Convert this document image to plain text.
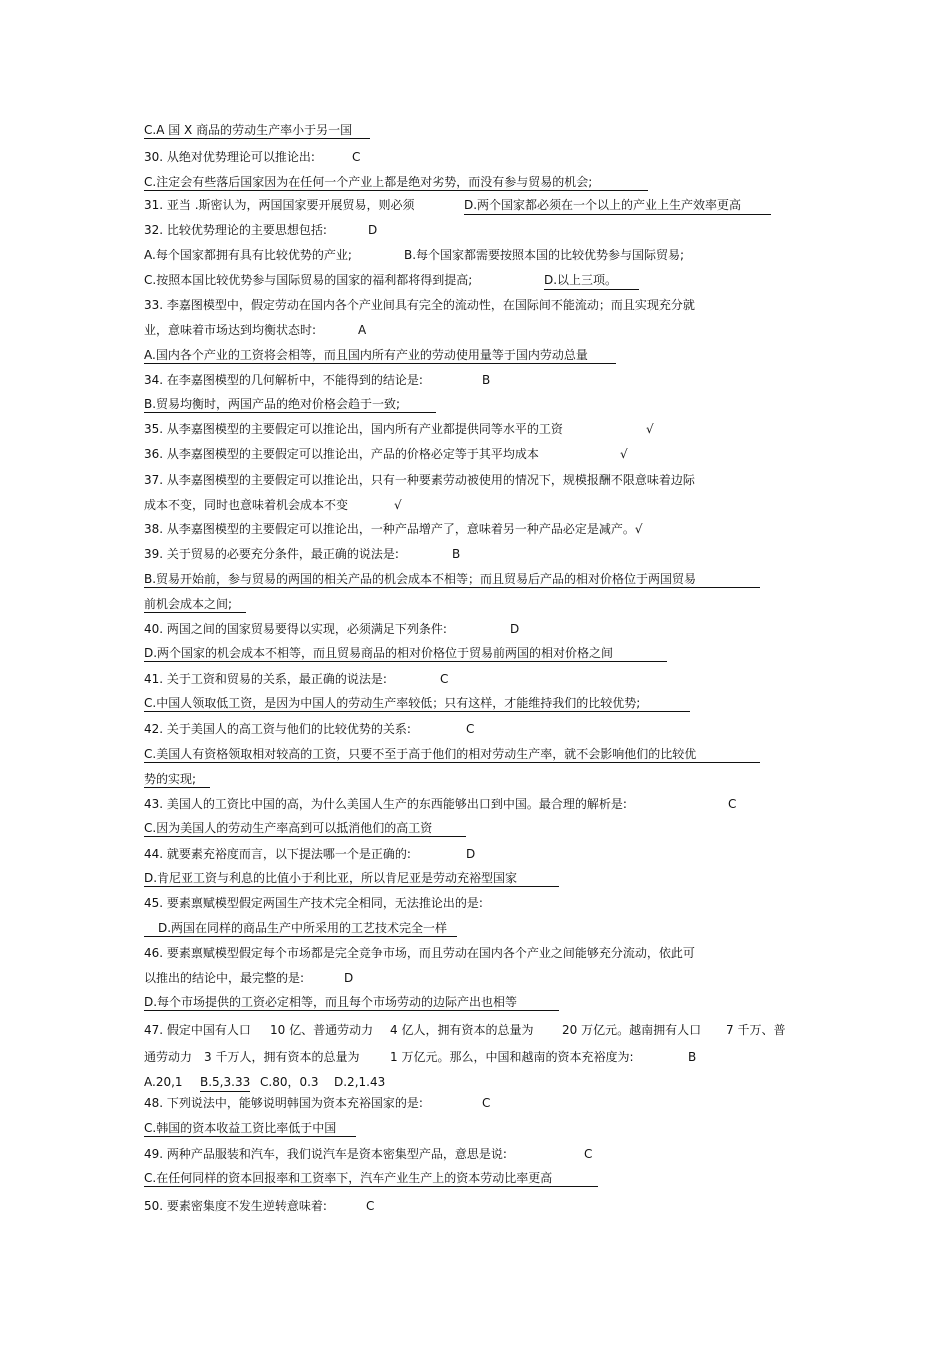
C.A 国 X 商品的劳动生产率小于另一国

30. 从绝对优势理论可以推论出:	C

C.注定会有些落后国家因为在任何一个产业上都是绝对劣势，而没有参与贸易的机会;

31. 亚当 .斯密认为，两国国家要开展贸易，则必须	D.两个国家都必须在一个以上的产业上生产效率更高

32. 比较优势理论的主要思想包括:	D

A.每个国家都拥有具有比较优势的产业;	B.每个国家都需要按照本国的比较优势参与国际贸易;

C.按照本国比较优势参与国际贸易的国家的福利都将得到提高;	D.以上三项。

33. 李嘉图模型中，假定劳动在国内各个产业间具有完全的流动性，在国际间不能流动；而且实现充分就

业，意味着市场达到均衡状态时:	A

A.国内各个产业的工资将会相等，而且国内所有产业的劳动使用量等于国内劳动总量

34. 在李嘉图模型的几何解析中，不能得到的结论是:	B

B.贸易均衡时，两国产品的绝对价格会趋于一致;

35. 从李嘉图模型的主要假定可以推论出，国内所有产业都提供同等水平的工资	√

36. 从李嘉图模型的主要假定可以推论出，产品的价格必定等于其平均成本	√

37. 从李嘉图模型的主要假定可以推论出，只有一种要素劳动被使用的情况下，规模报酬不限意味着边际

成本不变，同时也意味着机会成本不变	√

38. 从李嘉图模型的主要假定可以推论出，一种产品增产了，意味着另一种产品必定是减产。√

39. 关于贸易的必要充分条件，最正确的说法是:	B

B.贸易开始前，参与贸易的两国的相关产品的机会成本不相等；而且贸易后产品的相对价格位于两国贸易

前机会成本之间;

40. 两国之间的国家贸易要得以实现，必须满足下列条件:	D

D.两个国家的机会成本不相等，而且贸易商品的相对价格位于贸易前两国的相对价格之间

41. 关于工资和贸易的关系，最正确的说法是:	C

C.中国人领取低工资，是因为中国人的劳动生产率较低；只有这样，才能维持我们的比较优势;

42. 关于美国人的高工资与他们的比较优势的关系:	C

C.美国人有资格领取相对较高的工资，只要不至于高于他们的相对劳动生产率，就不会影响他们的比较优

势的实现;

43. 美国人的工资比中国的高，为什么美国人生产的东西能够出口到中国。最合理的解析是:	C

C.因为美国人的劳动生产率高到可以抵消他们的高工资

44. 就要素充裕度而言，以下提法哪一个是正确的:	D

D.肯尼亚工资与利息的比值小于利比亚，所以肯尼亚是劳动充裕型国家

45. 要素禀赋模型假定两国生产技术完全相同，无法推论出的是:

D.两国在同样的商品生产中所采用的工艺技术完全一样

46. 要素禀赋模型假定每个市场都是完全竞争市场，而且劳动在国内各个产业之间能够充分流动，依此可

以推出的结论中，最完整的是:	D

D.每个市场提供的工资必定相等，而且每个市场劳动的边际产出也相等

47. 假定中国有人口 10 亿、普通劳动力 4 亿人，拥有资本的总量为 20 万亿元。越南拥有人口 7 千万、普

通劳动力 3 千万人，拥有资本的总量为	1 万亿元。那么，中国和越南的资本充裕度为:	B

A.20,1 B.5,3.33 C.80，0.3 D.2,1.43

48. 下列说法中，能够说明韩国为资本充裕国家的是:	C

C.韩国的资本收益工资比率低于中国

49. 两种产品服装和汽车，我们说汽车是资本密集型产品，意思是说:	C

C.在任何同样的资本回报率和工资率下，汽车产业生产上的资本劳动比率更高

50. 要素密集度不发生逆转意味着:	C
